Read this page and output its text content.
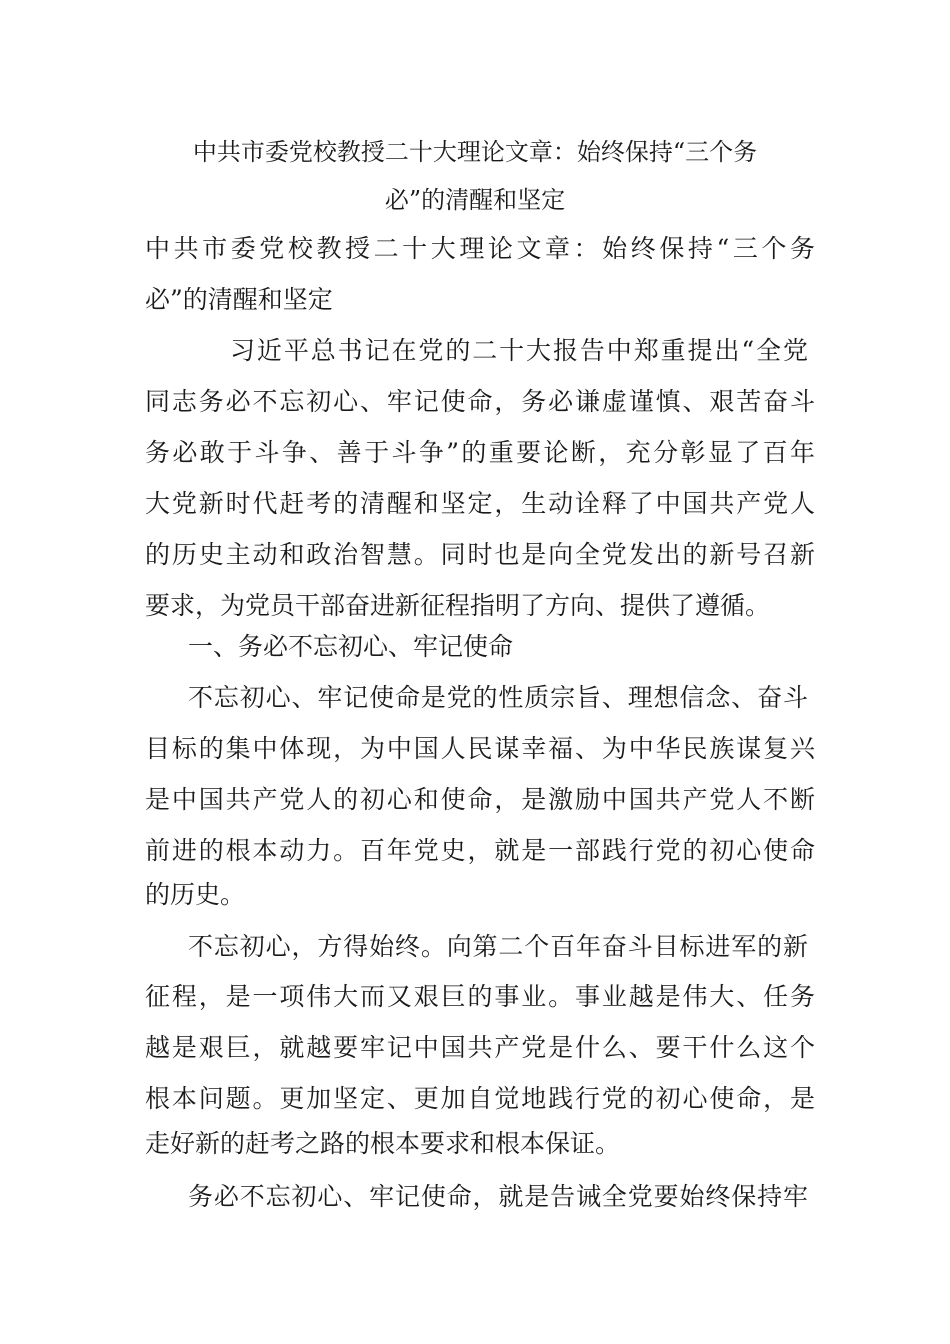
中共市委党校教授二十大理论文章：始终保持“三个务
必”的清醒和坚定
中共市委党校教授二十大理论文章：始终保持“三个务
必”的清醒和坚定
习近平总书记在党的二十大报告中郑重提出“全党
同志务必不忘初心、牢记使命，务必谦虚谨慎、艰苦奋斗
务必敢于斗争、善于斗争”的重要论断，充分彰显了百年
大党新时代赶考的清醒和坚定，生动诠释了中国共产党人
的历史主动和政治智慧。同时也是向全党发出的新号召新
要求，为党员干部奋进新征程指明了方向、提供了遵循。
一、务必不忘初心、牢记使命
不忘初心、牢记使命是党的性质宗旨、理想信念、奋斗
目标的集中体现，为中国人民谋幸福、为中华民族谋复兴
是中国共产党人的初心和使命，是激励中国共产党人不断
前进的根本动力。百年党史，就是一部践行党的初心使命
的历史。
不忘初心，方得始终。向第二个百年奋斗目标进军的新
征程，是一项伟大而又艰巨的事业。事业越是伟大、任务
越是艰巨，就越要牢记中国共产党是什么、要干什么这个
根本问题。更加坚定、更加自觉地践行党的初心使命，是
走好新的赶考之路的根本要求和根本保证。
务必不忘初心、牢记使命，就是告诫全党要始终保持牢
